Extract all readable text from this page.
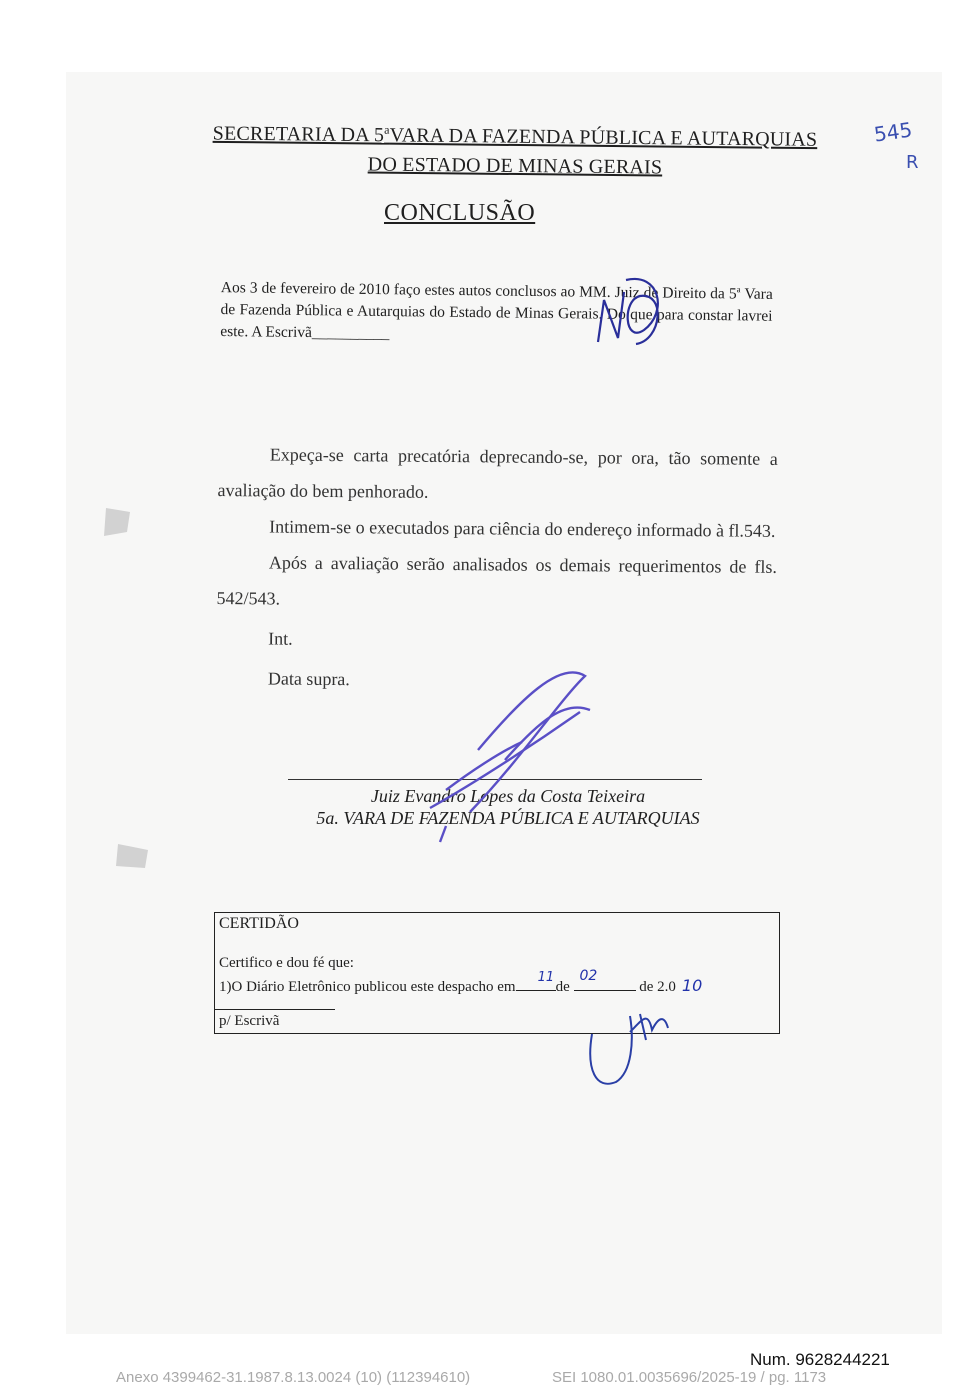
SECRETARIA DA 5$^a$VARA DA FAZENDA PÚBLICA E AUTARQUIAS
DO ESTADO DE MINAS GERAIS
545
R
CONCLUSÃO
Aos 3 de fevereiro de 2010 faço estes autos conclusos ao MM. Juiz de Direito da 5$^a$ Vara de Fazenda Pública e Autarquias do Estado de Minas Gerais. Do que para constar lavrei este. A Escrivã__________

Expeça-se carta precatória deprecando-se, por ora, tão somente a avaliação do bem penhorado.

Intimem-se o executados para ciência do endereço informado à fl.543.

Após a avaliação serão analisados os demais requerimentos de fls. 542/543.

Int.

Data supra.

Juiz Evandro Lopes da Costa Teixeira
5a. VARA DE FAZENDA PÚBLICA E AUTARQUIAS
CERTIDÃO
Certifico e dou fé que:
1)O Diário Eletrônico publicou este despacho em
11
de
02
de 2.0 10
p/ Escrivã
Num. 9628244221
Anexo 4399462-31.1987.8.13.0024 (10) (112394610)	SEI 1080.01.0035696/2025-19 / pg. 1173
